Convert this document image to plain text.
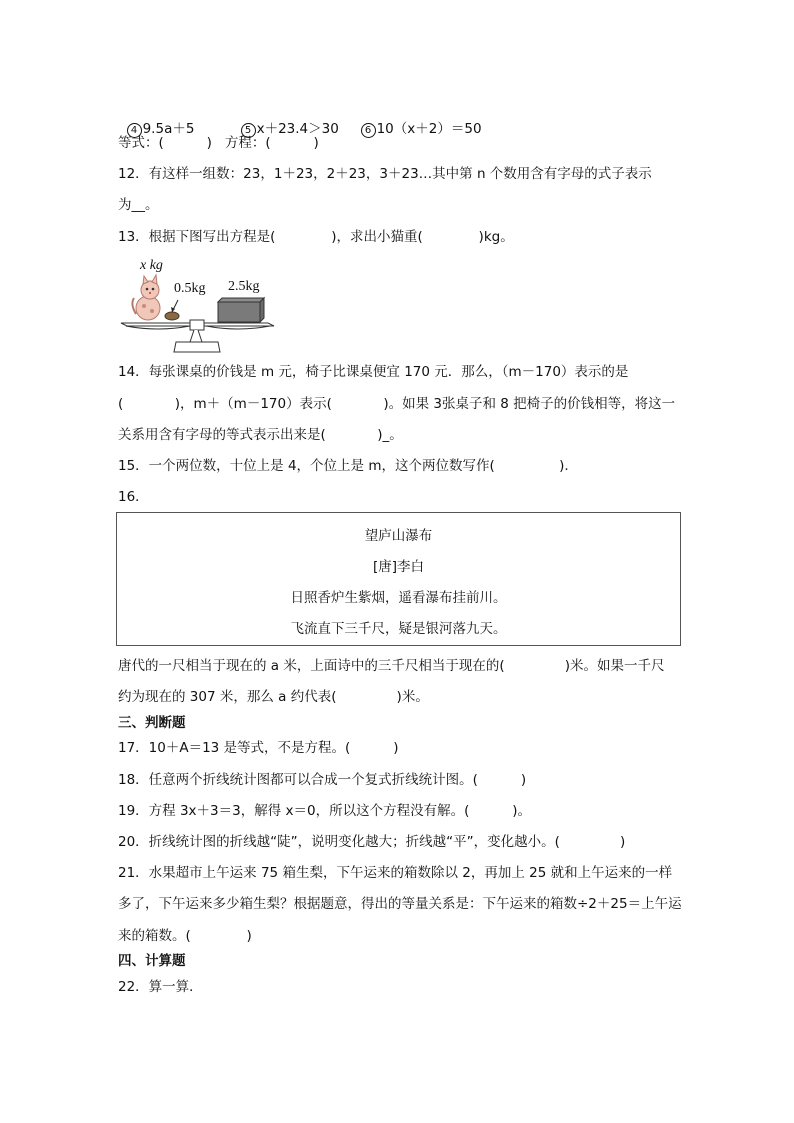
4 9.5a＋5	5 x＋23.4＞30	6 10（x＋2）＝50

等式：(          )   方程：(          )
12．有这样一组数：23，1＋23，2＋23，3＋23…其中第 n 个数用含有字母的式子表示
为__。
13．根据下图写出方程是(             )，求出小猫重(             )kg。
x kg
0.5kg 2.5kg
14．每张课桌的价钱是 m 元，椅子比课桌便宜 170 元．那么，（m－170）表示的是
(            )，m＋（m－170）表示(            )。如果 3张桌子和 8 把椅子的价钱相等，将这一
关系用含有字母的等式表示出来是(            )_。
15．一个两位数，十位上是 4，个位上是 m，这个两位数写作(               ).
16．
望庐山瀑布
[唐]李白
日照香炉生紫烟，遥看瀑布挂前川。
飞流直下三千尺，疑是银河落九天。
唐代的一尺相当于现在的 a 米，上面诗中的三千尺相当于现在的(              )米。如果一千尺
约为现在的 307 米，那么 a 约代表(              )米。
三、判断题
17．10＋A＝13 是等式，不是方程。(          )
18．任意两个折线统计图都可以合成一个复式折线统计图。(          )
19．方程 3x＋3＝3，解得 x＝0，所以这个方程没有解。(          )。
20．折线统计图的折线越“陡”，说明变化越大；折线越“平”，变化越小。(              )
21．水果超市上午运来 75 箱生梨，下午运来的箱数除以 2，再加上 25 就和上午运来的一样
多了，下午运来多少箱生梨？根据题意，得出的等量关系是：下午运来的箱数÷2＋25＝上午运
来的箱数。(             )
四、计算题
22．算一算．
